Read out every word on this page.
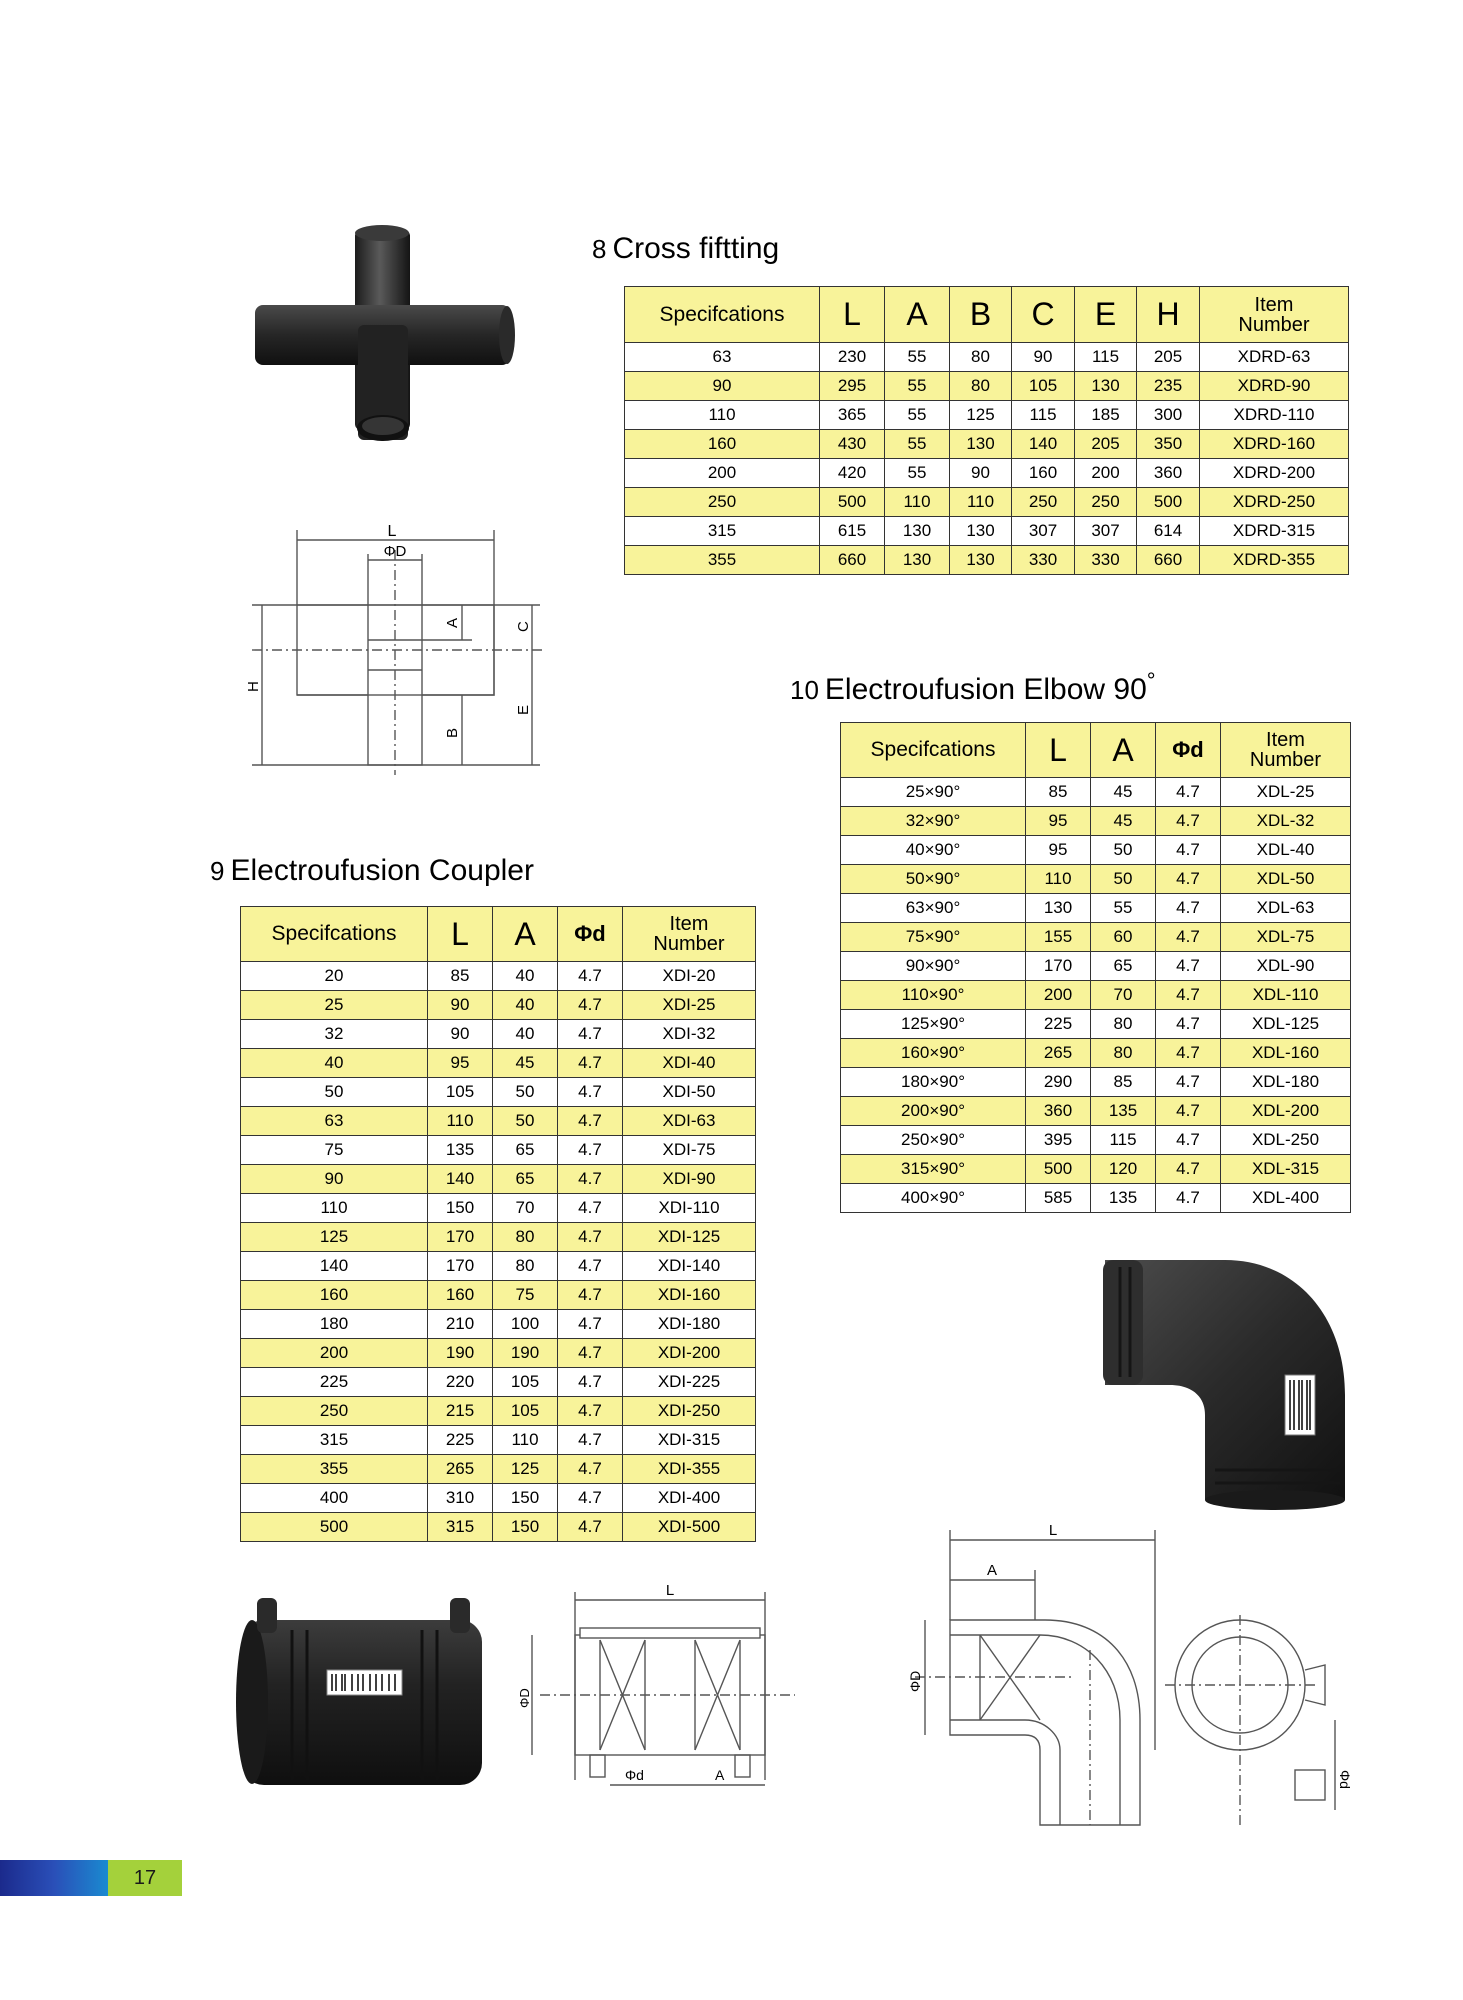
8 Cross fiftting
Specifcations	L	A	B	C	E	H	Item Number
63	230	55	80	90	115	205	XDRD-63
90	295	55	80	105	130	235	XDRD-90
110	365	55	125	115	185	300	XDRD-110
160	430	55	130	140	205	350	XDRD-160
200	420	55	90	160	200	360	XDRD-200
250	500	110	110	250	250	500	XDRD-250
315	615	130	130	307	307	614	XDRD-315
355	660	130	130	330	330	660	XDRD-355
L
ΦD
A	C
H
B
E
10 Electroufusion Elbow 90°
Specifcations	L	A	Φd	Item Number
25×90°	85	45	4.7	XDL-25
32×90°	95	45	4.7	XDL-32
40×90°	95	50	4.7	XDL-40
50×90°	110	50	4.7	XDL-50
63×90°	130	55	4.7	XDL-63
75×90°	155	60	4.7	XDL-75
90×90°	170	65	4.7	XDL-90
110×90°	200	70	4.7	XDL-110
125×90°	225	80	4.7	XDL-125
160×90°	265	80	4.7	XDL-160
180×90°	290	85	4.7	XDL-180
200×90°	360	135	4.7	XDL-200
250×90°	395	115	4.7	XDL-250
315×90°	500	120	4.7	XDL-315
400×90°	585	135	4.7	XDL-400
9 Electroufusion Coupler
Specifcations	L	A	Φd	Item Number
20	85	40	4.7	XDI-20
25	90	40	4.7	XDI-25
32	90	40	4.7	XDI-32
40	95	45	4.7	XDI-40
50	105	50	4.7	XDI-50
63	110	50	4.7	XDI-63
75	135	65	4.7	XDI-75
90	140	65	4.7	XDI-90
110	150	70	4.7	XDI-110
125	170	80	4.7	XDI-125
140	170	80	4.7	XDI-140
160	160	75	4.7	XDI-160
180	210	100	4.7	XDI-180
200	190	190	4.7	XDI-200
225	220	105	4.7	XDI-225
250	215	105	4.7	XDI-250
315	225	110	4.7	XDI-315
355	265	125	4.7	XDI-355
400	310	150	4.7	XDI-400
500	315	150	4.7	XDI-500	L
A
ΦD
Φd
L
ΦD
Φd	A
17
